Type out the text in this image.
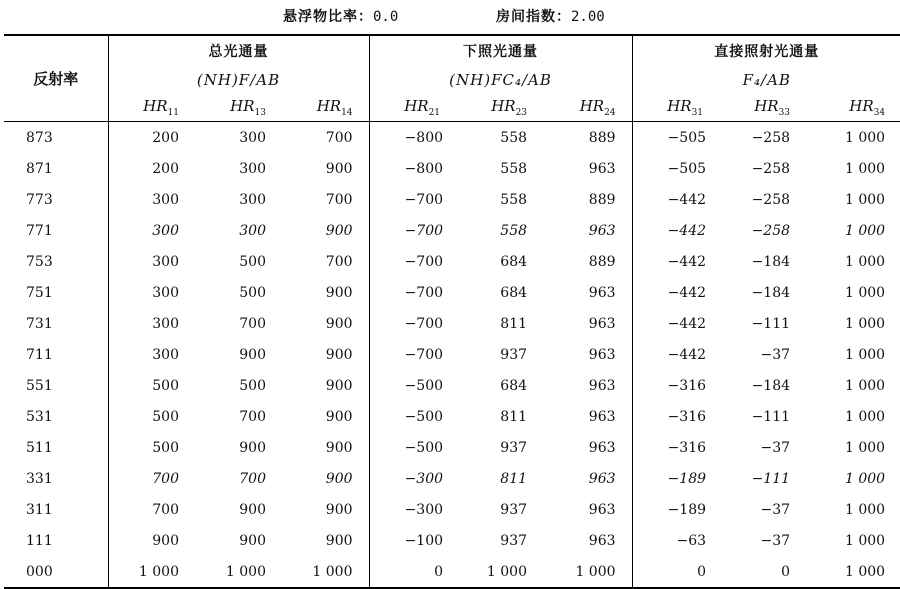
悬浮物比率：0.0	房间指数：2.00
反射率	总光通量			下照光通量			直接照射光通量		
	(NH)F/AB			(NH)FC₄/AB			F₄/AB		
	$HR_{11}$	$HR_{13}$	$HR_{14}$	$HR_{21}$	$HR_{23}$	$HR_{24}$	$HR_{31}$	$HR_{33}$	$HR_{34}$
873	200	300	700	−800	558	889	−505	−258	1 000
871	200	300	900	−800	558	963	−505	−258	1 000
773	300	300	700	−700	558	889	−442	−258	1 000
771	300	300	900	−700	558	963	−442	−258	1 000
753	300	500	700	−700	684	889	−442	−184	1 000
751	300	500	900	−700	684	963	−442	−184	1 000
731	300	700	900	−700	811	963	−442	−111	1 000
711	300	900	900	−700	937	963	−442	−37	1 000
551	500	500	900	−500	684	963	−316	−184	1 000
531	500	700	900	−500	811	963	−316	−111	1 000
511	500	900	900	−500	937	963	−316	−37	1 000
331	700	700	900	−300	811	963	−189	−111	1 000
311	700	900	900	−300	937	963	−189	−37	1 000
111	900	900	900	−100	937	963	−63	−37	1 000
000	1 000	1 000	1 000	0	1 000	1 000	0	0	1 000
